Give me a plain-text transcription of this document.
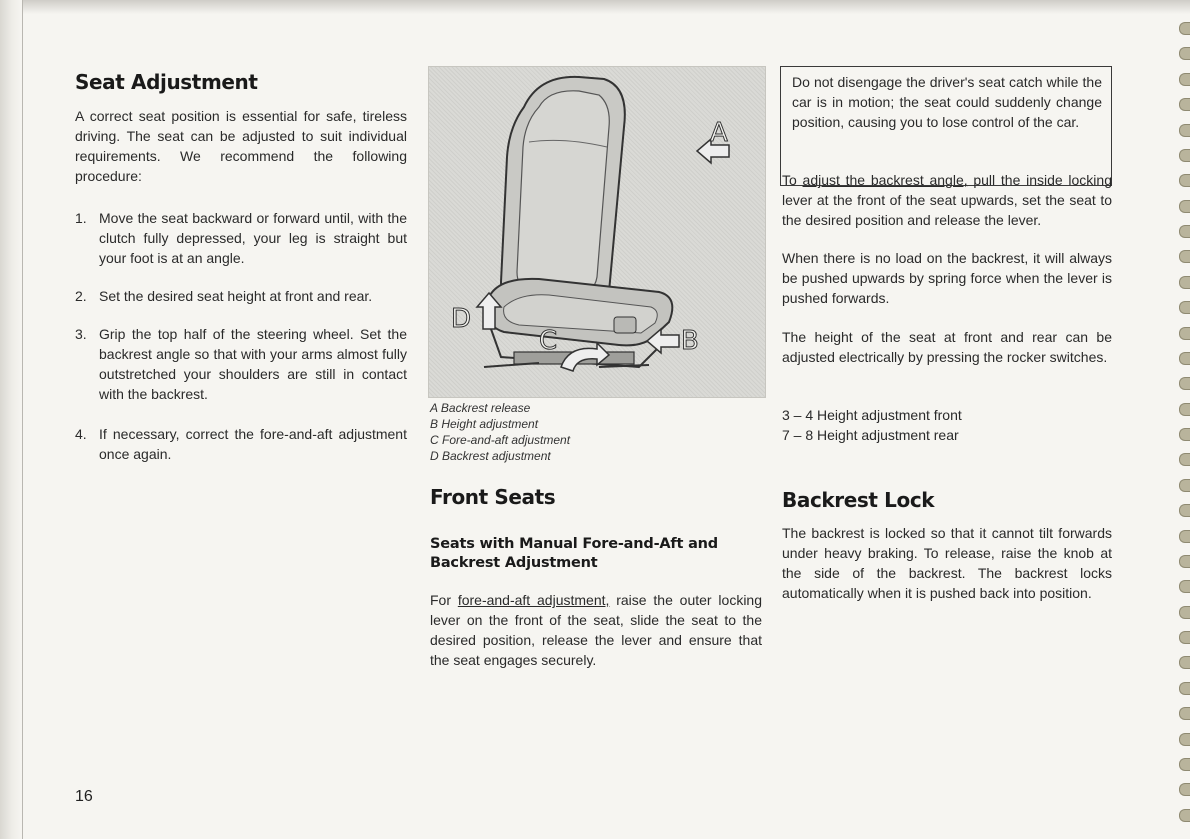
Seat Adjustment

A correct seat position is essential for safe, tireless driving. The seat can be adjusted to suit individual requirements. We recommend the following procedure:

1. Move the seat backward or forward until, with the clutch fully depressed, your leg is straight but your foot is at an angle.
2. Set the desired seat height at front and rear.
3. Grip the top half of the steering wheel. Set the backrest angle so that with your arms almost fully outstretched your shoulders are still in contact with the backrest.
4. If necessary, correct the fore-and-aft adjustment once again.
A
B
C
D
A Backrest release
B Height adjustment
C Fore-and-aft adjustment
D Backrest adjustment
Front Seats
Seats with Manual Fore-and-Aft and Backrest Adjustment

For fore-and-aft adjustment, raise the outer locking lever on the front of the seat, slide the seat to the desired position, release the lever and ensure that the seat engages securely.

Do not disengage the driver's seat catch while the car is in motion; the seat could suddenly change position, causing you to lose control of the car.

To adjust the backrest angle, pull the inside locking lever at the front of the seat upwards, set the seat to the desired position and release the lever.

When there is no load on the backrest, it will always be pushed upwards by spring force when the lever is pushed forwards.

The height of the seat at front and rear can be adjusted electrically by pressing the rocker switches.

3 – 4 Height adjustment front
7 – 8 Height adjustment rear
Backrest Lock

The backrest is locked so that it cannot tilt forwards under heavy braking. To release, raise the knob at the side of the backrest. The backrest locks automatically when it is pushed back into position.

16
